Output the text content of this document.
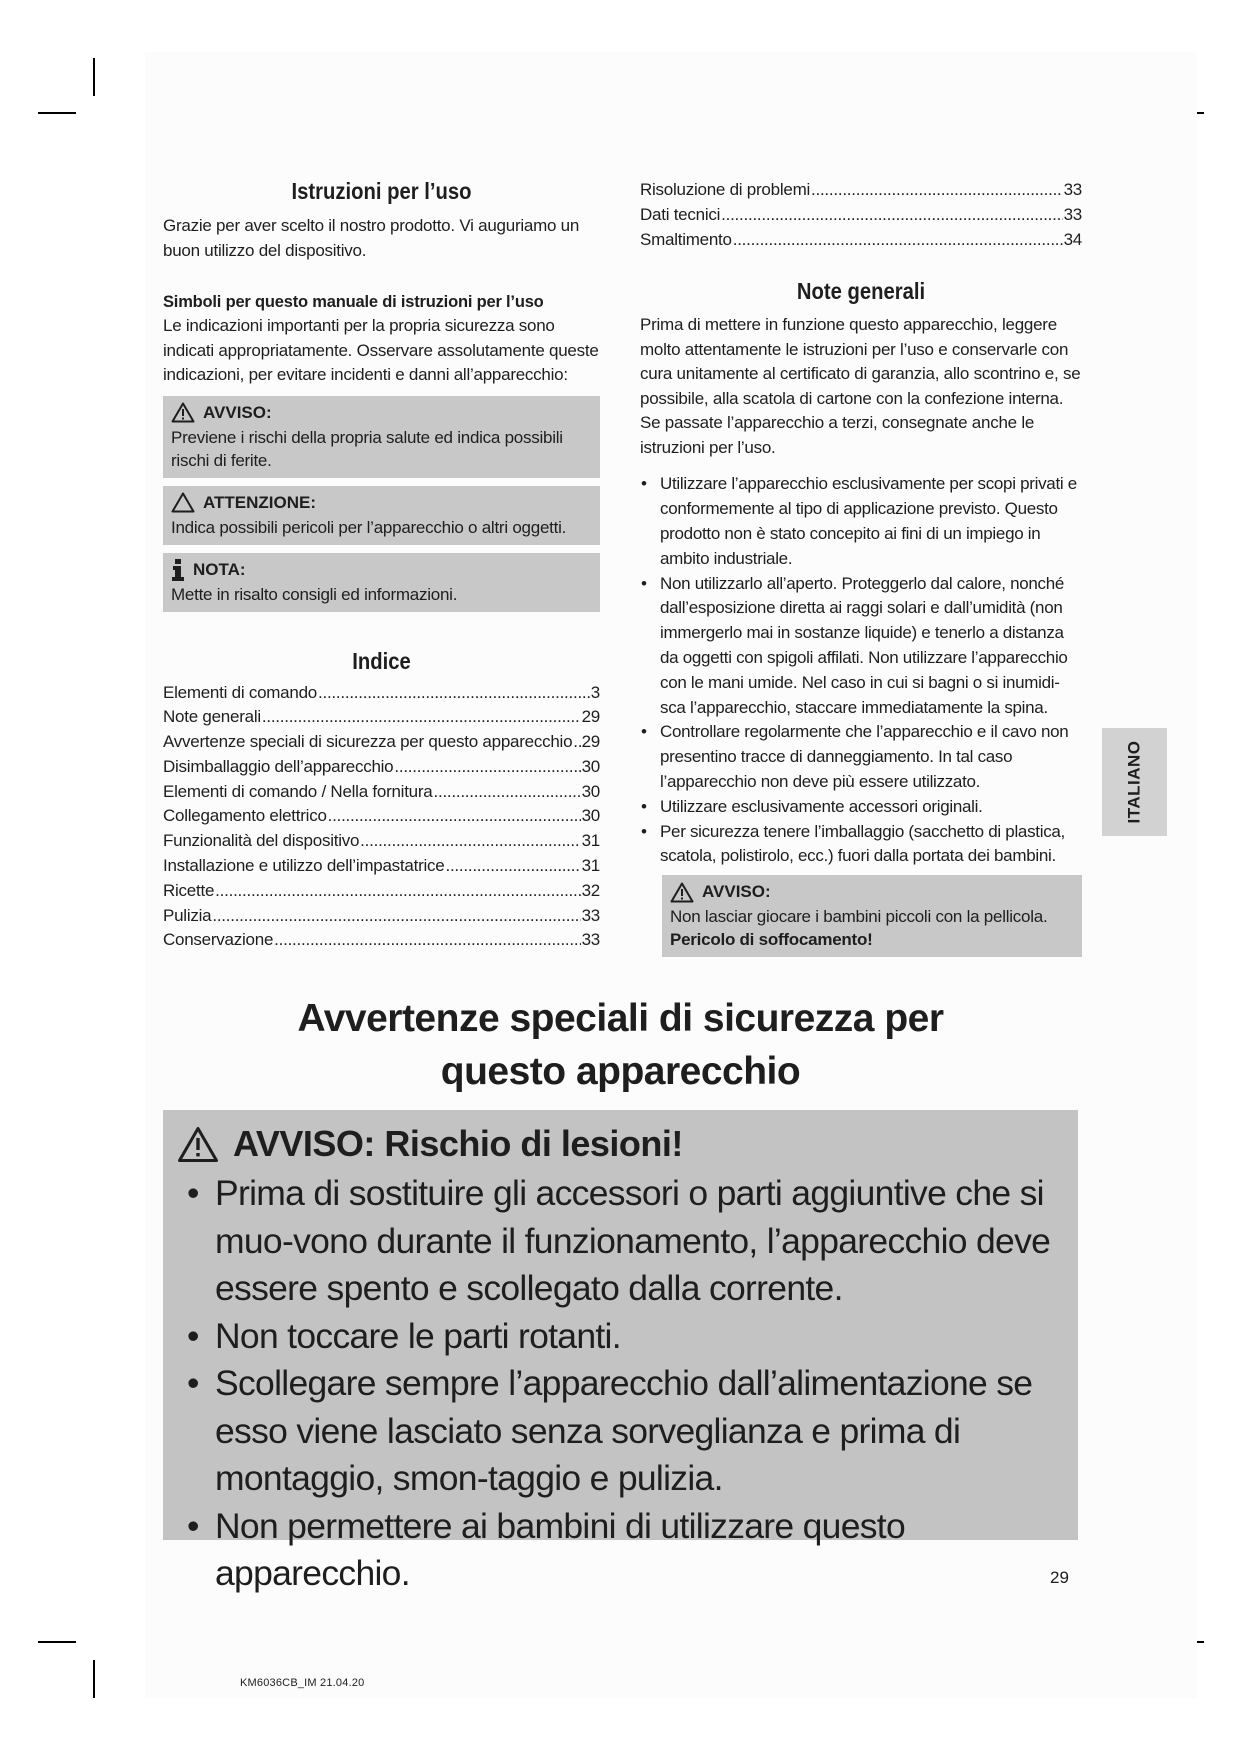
Istruzioni per l’uso

Grazie per aver scelto il nostro prodotto. Vi auguriamo un buon utilizzo del dispositivo.

Simboli per questo manuale di istruzioni per l’uso

Le indicazioni importanti per la propria sicurezza sono indicati appropriatamente. Osservare assolutamente queste indicazioni, per evitare incidenti e danni all’apparecchio:

AVVISO:
Previene i rischi della propria salute ed indica possibili rischi di ferite.
ATTENZIONE:
Indica possibili pericoli per l’apparecchio o altri oggetti.
NOTA:
Mette in risalto consigli ed informazioni.
Indice
Elementi di comando .....	3
Note generali .....	29
Avvertenze speciali di sicurezza per questo apparecchio ..... 29
Disimballaggio dell’apparecchio .....	30
Elementi di comando / Nella fornitura .....	30
Collegamento elettrico .....	30
Funzionalità del dispositivo .....	31
Installazione e utilizzo dell’impastatrice .....	31
Ricette .....	32
Pulizia .....	33
Conservazione .....	33
Risoluzione di problemi .....	33
Dati tecnici .....	33
Smaltimento .....	34
Note generali

Prima di mettere in funzione questo apparecchio, leggere molto attentamente le istruzioni per l’uso e conservarle con cura unitamente al certificato di garanzia, allo scontrino e, se possibile, alla scatola di cartone con la confezione interna. Se passate l’apparecchio a terzi, consegnate anche le istruzioni per l’uso.

• Utilizzare l’apparecchio esclusivamente per scopi privati e conformemente al tipo di applicazione previsto. Questo prodotto non è stato concepito ai fini di un impiego in ambito industriale.
• Non utilizzarlo all’aperto. Proteggerlo dal calore, nonché dall’esposizione diretta ai raggi solari e dall’umidità (non immergerlo mai in sostanze liquide) e tenerlo a distanza da oggetti con spigoli affilati. Non utilizzare l’apparecchio con le mani umide. Nel caso in cui si bagni o si inumidi-sca l’apparecchio, staccare immediatamente la spina.
• Controllare regolarmente che l’apparecchio e il cavo non presentino tracce di danneggiamento. In tal caso l’apparecchio non deve più essere utilizzato.
• Utilizzare esclusivamente accessori originali.
• Per sicurezza tenere l’imballaggio (sacchetto di plastica, scatola, polistirolo, ecc.) fuori dalla portata dei bambini.
AVVISO:
Non lasciar giocare i bambini piccoli con la pellicola.
Pericolo di soffocamento!
ITALIANO
Avvertenze speciali di sicurezza per
questo apparecchio
AVVISO: Rischio di lesioni!
• Prima di sostituire gli accessori o parti aggiuntive che si muo-vono durante il funzionamento, l’apparecchio deve essere spento e scollegato dalla corrente.
• Non toccare le parti rotanti.
• Scollegare sempre l’apparecchio dall’alimentazione se esso viene lasciato senza sorveglianza e prima di montaggio, smon-taggio e pulizia.
• Non permettere ai bambini di utilizzare questo apparecchio.	29
KM6036CB_IM 21.04.20
